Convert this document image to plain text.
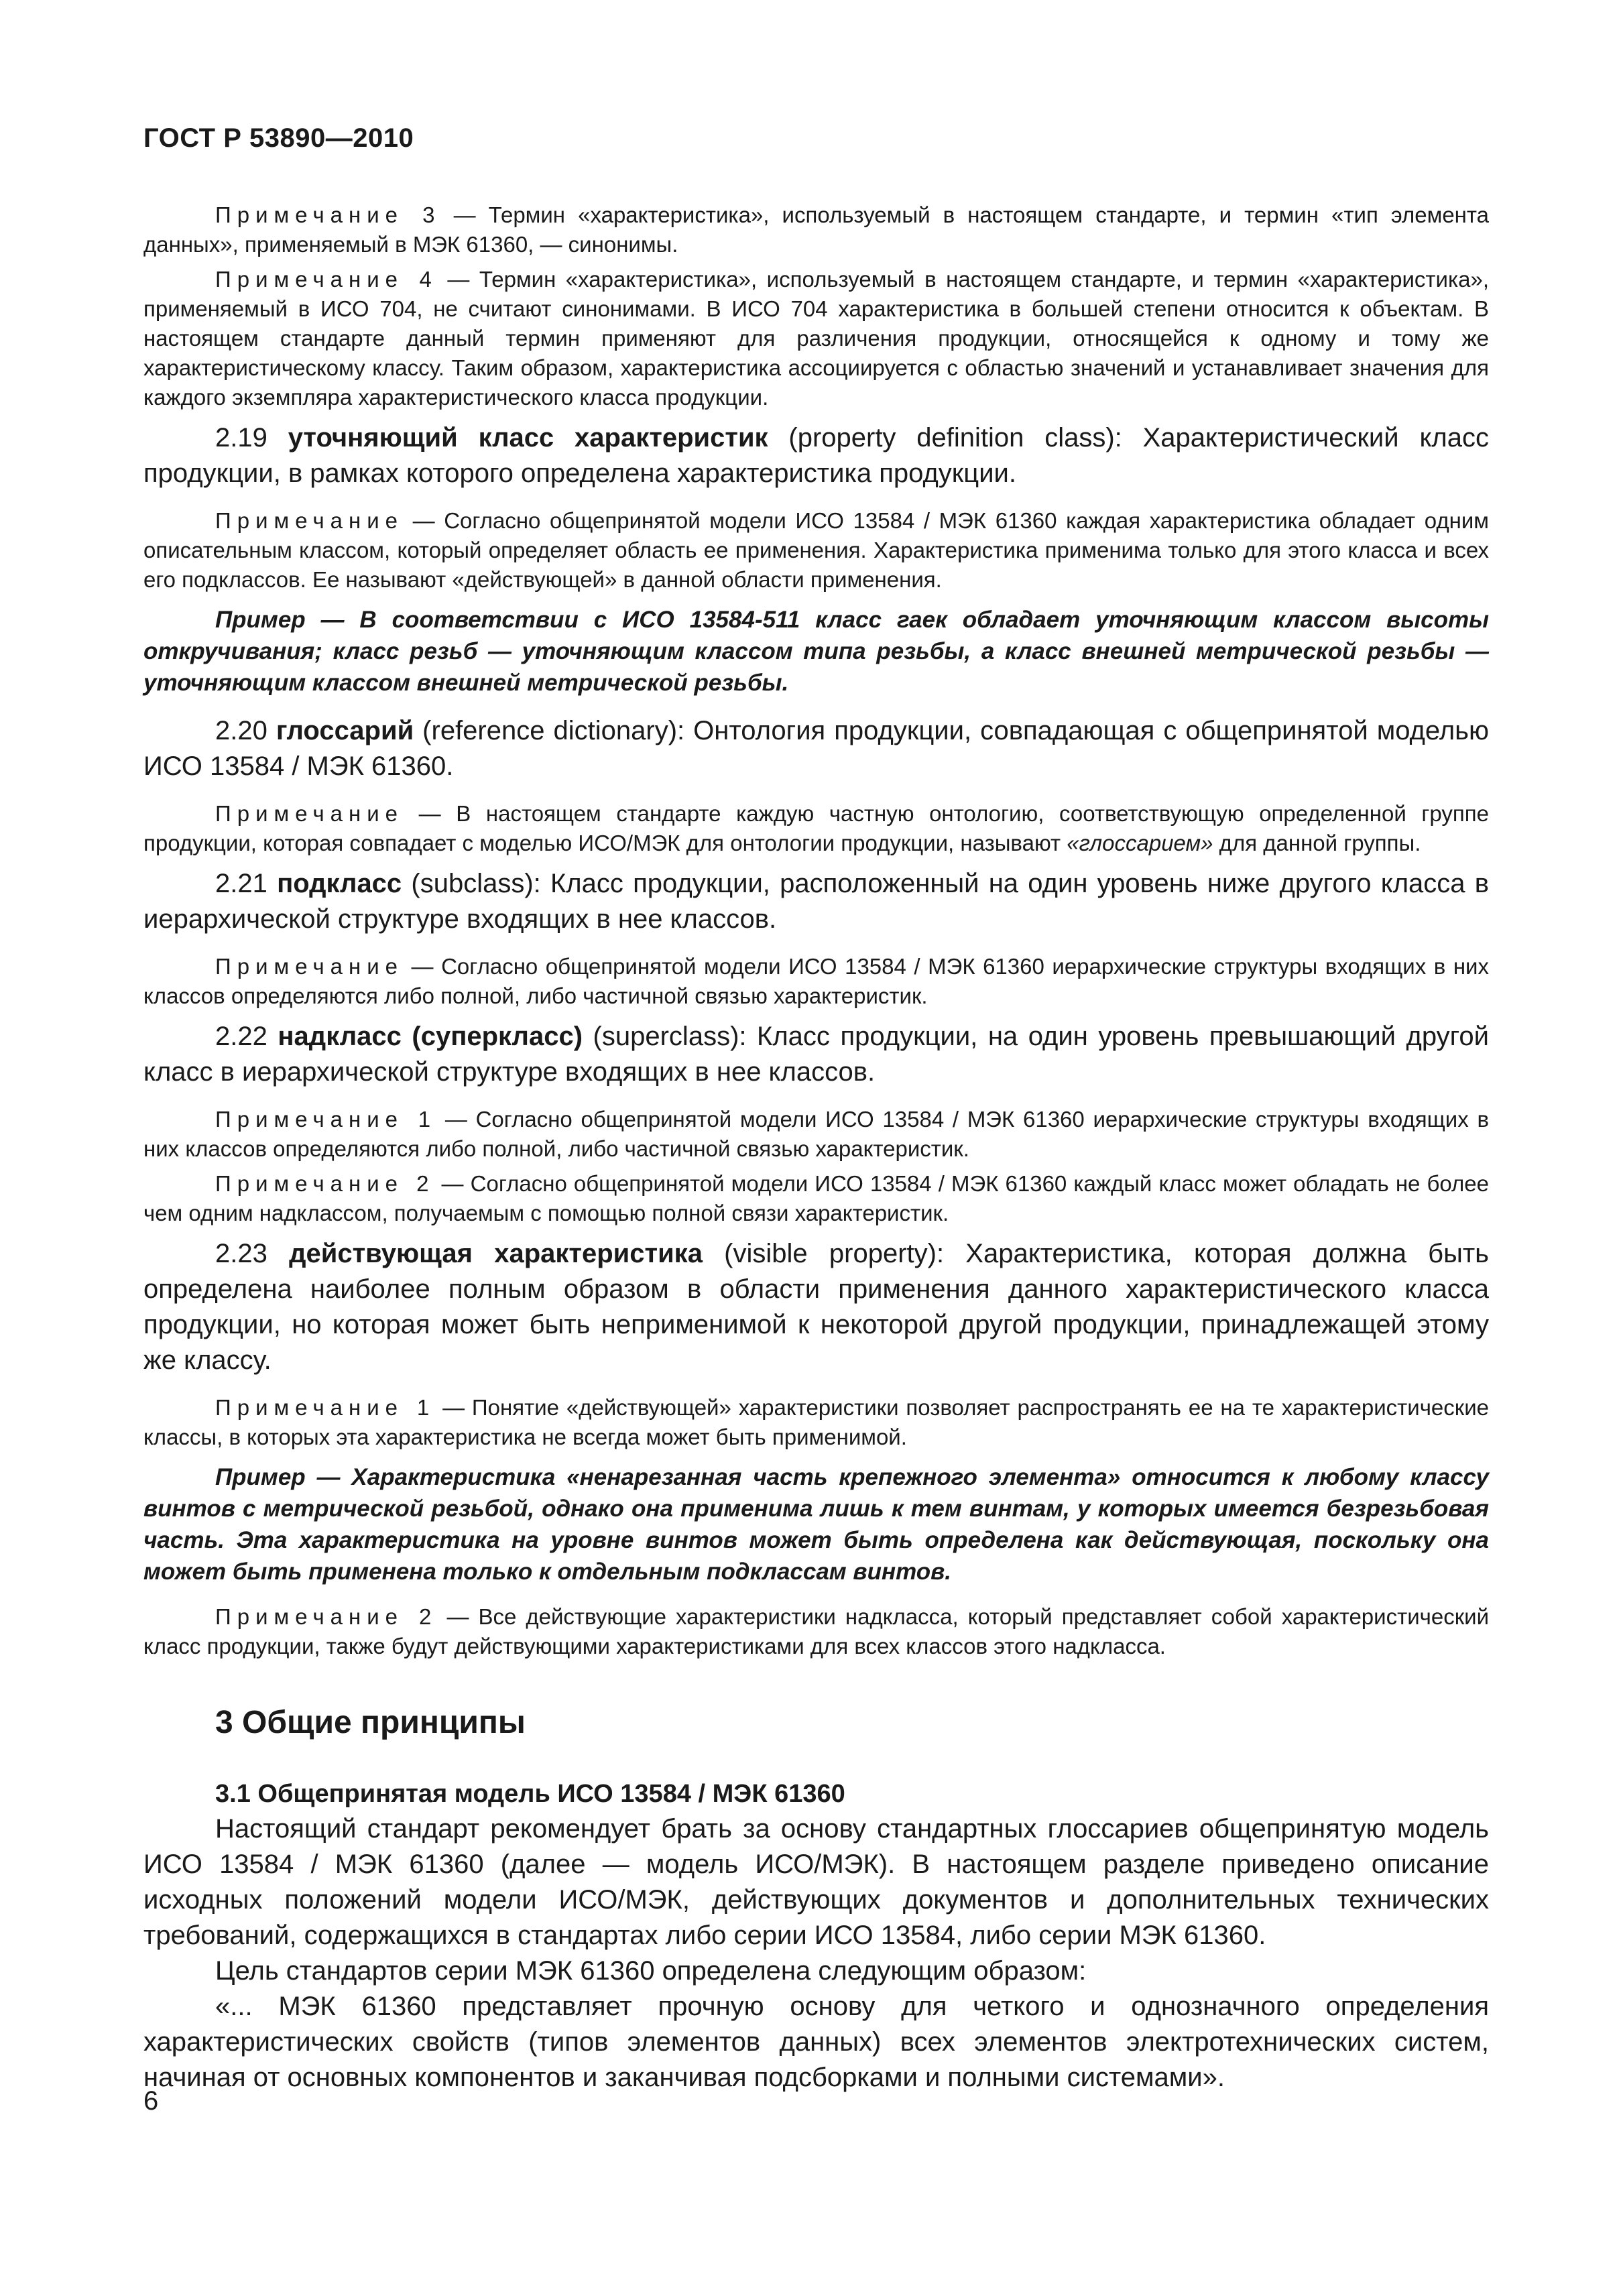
ГОСТ Р 53890—2010

Примечание 3 — Термин «характеристика», используемый в настоящем стандарте, и термин «тип элемента данных», применяемый в МЭК 61360, — синонимы.

Примечание 4 — Термин «характеристика», используемый в настоящем стандарте, и термин «характеристика», применяемый в ИСО 704, не считают синонимами. В ИСО 704 характеристика в большей степени относится к объектам. В настоящем стандарте данный термин применяют для различения продукции, относящейся к одному и тому же характеристическому классу. Таким образом, характеристика ассоциируется с областью значений и устанавливает значения для каждого экземпляра характеристического класса продукции.

2.19 уточняющий класс характеристик (property definition class): Характеристический класс продукции, в рамках которого определена характеристика продукции.

Примечание — Согласно общепринятой модели ИСО 13584 / МЭК 61360 каждая характеристика обладает одним описательным классом, который определяет область ее применения. Характеристика применима только для этого класса и всех его подклассов. Ее называют «действующей» в данной области применения.

Пример — В соответствии с ИСО 13584-511 класс гаек обладает уточняющим классом высоты откручивания; класс резьб — уточняющим классом типа резьбы, а класс внешней метрической резьбы — уточняющим классом внешней метрической резьбы.

2.20 глоссарий (reference dictionary): Онтология продукции, совпадающая с общепринятой моделью ИСО 13584 / МЭК 61360.

Примечание — В настоящем стандарте каждую частную онтологию, соответствующую определенной группе продукции, которая совпадает с моделью ИСО/МЭК для онтологии продукции, называют «глоссарием» для данной группы.

2.21 подкласс (subclass): Класс продукции, расположенный на один уровень ниже другого класса в иерархической структуре входящих в нее классов.

Примечание — Согласно общепринятой модели ИСО 13584 / МЭК 61360 иерархические структуры входящих в них классов определяются либо полной, либо частичной связью характеристик.

2.22 надкласс (суперкласс) (superclass): Класс продукции, на один уровень превышающий другой класс в иерархической структуре входящих в нее классов.

Примечание 1 — Согласно общепринятой модели ИСО 13584 / МЭК 61360 иерархические структуры входящих в них классов определяются либо полной, либо частичной связью характеристик.

Примечание 2 — Согласно общепринятой модели ИСО 13584 / МЭК 61360 каждый класс может обладать не более чем одним надклассом, получаемым с помощью полной связи характеристик.

2.23 действующая характеристика (visible property): Характеристика, которая должна быть определена наиболее полным образом в области применения данного характеристического класса продукции, но которая может быть неприменимой к некоторой другой продукции, принадлежащей этому же классу.

Примечание 1 — Понятие «действующей» характеристики позволяет распространять ее на те характеристические классы, в которых эта характеристика не всегда может быть применимой.

Пример — Характеристика «ненарезанная часть крепежного элемента» относится к любому классу винтов с метрической резьбой, однако она применима лишь к тем винтам, у которых имеется безрезьбовая часть. Эта характеристика на уровне винтов может быть определена как действующая, поскольку она может быть применена только к отдельным подклассам винтов.

Примечание 2 — Все действующие характеристики надкласса, который представляет собой характеристический класс продукции, также будут действующими характеристиками для всех классов этого надкласса.

3 Общие принципы

3.1 Общепринятая модель ИСО 13584 / МЭК 61360

Настоящий стандарт рекомендует брать за основу стандартных глоссариев общепринятую модель ИСО 13584 / МЭК 61360 (далее — модель ИСО/МЭК). В настоящем разделе приведено описание исходных положений модели ИСО/МЭК, действующих документов и дополнительных технических требований, содержащихся в стандартах либо серии ИСО 13584, либо серии МЭК 61360.

Цель стандартов серии МЭК 61360 определена следующим образом:

«... МЭК 61360 представляет прочную основу для четкого и однозначного определения характеристических свойств (типов элементов данных) всех элементов электротехнических систем, начиная от основных компонентов и заканчивая подсборками и полными системами».

6
